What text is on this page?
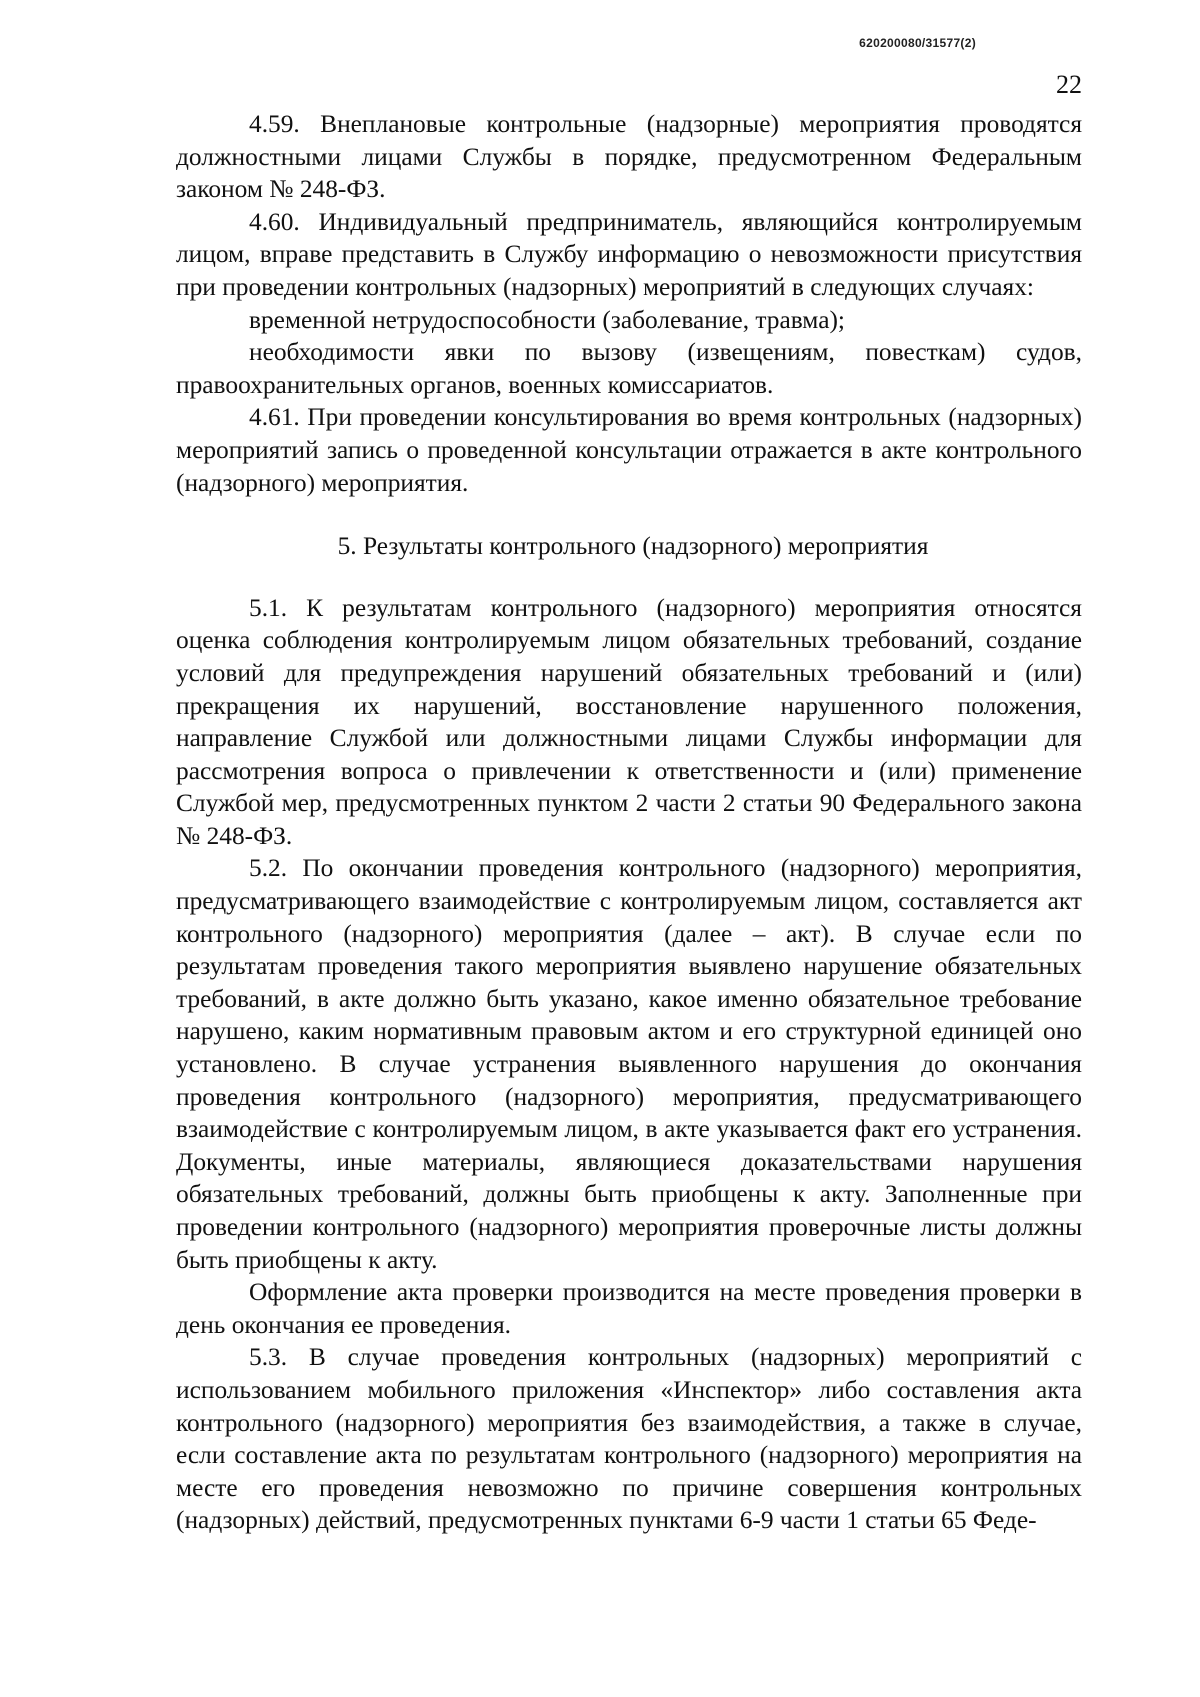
620200080/31577(2)
22

4.59. Внеплановые контрольные (надзорные) мероприятия проводятся должностными лицами Службы в порядке, предусмотренном Федеральным законом № 248-ФЗ.

4.60. Индивидуальный предприниматель, являющийся контролируемым лицом, вправе представить в Службу информацию о невозможности присутствия при проведении контрольных (надзорных) мероприятий в следующих случаях:

временной нетрудоспособности (заболевание, травма);

необходимости явки по вызову (извещениям, повесткам) судов, правоохранительных органов, военных комиссариатов.

4.61. При проведении консультирования во время контрольных (надзорных) мероприятий запись о проведенной консультации отражается в акте контрольного (надзорного) мероприятия.

5. Результаты контрольного (надзорного) мероприятия

5.1. К результатам контрольного (надзорного) мероприятия относятся оценка соблюдения контролируемым лицом обязательных требований, создание условий для предупреждения нарушений обязательных требований и (или) прекращения их нарушений, восстановление нарушенного положения, направление Службой или должностными лицами Службы информации для рассмотрения вопроса о привлечении к ответственности и (или) применение Службой мер, предусмотренных пунктом 2 части 2 статьи 90 Федерального закона № 248-ФЗ.

5.2. По окончании проведения контрольного (надзорного) мероприятия, предусматривающего взаимодействие с контролируемым лицом, составляется акт контрольного (надзорного) мероприятия (далее – акт). В случае если по результатам проведения такого мероприятия выявлено нарушение обязательных требований, в акте должно быть указано, какое именно обязательное требование нарушено, каким нормативным правовым актом и его структурной единицей оно установлено. В случае устранения выявленного нарушения до окончания проведения контрольного (надзорного) мероприятия, предусматривающего взаимодействие с контролируемым лицом, в акте указывается факт его устранения. Документы, иные материалы, являющиеся доказательствами нарушения обязательных требований, должны быть приобщены к акту. Заполненные при проведении контрольного (надзорного) мероприятия проверочные листы должны быть приобщены к акту.

Оформление акта проверки производится на месте проведения проверки в день окончания ее проведения.

5.3. В случае проведения контрольных (надзорных) мероприятий с использованием мобильного приложения «Инспектор» либо составления акта контрольного (надзорного) мероприятия без взаимодействия, а также в случае, если составление акта по результатам контрольного (надзорного) мероприятия на месте его проведения невозможно по причине совершения контрольных (надзорных) действий, предусмотренных пунктами 6-9 части 1 статьи 65 Феде-
